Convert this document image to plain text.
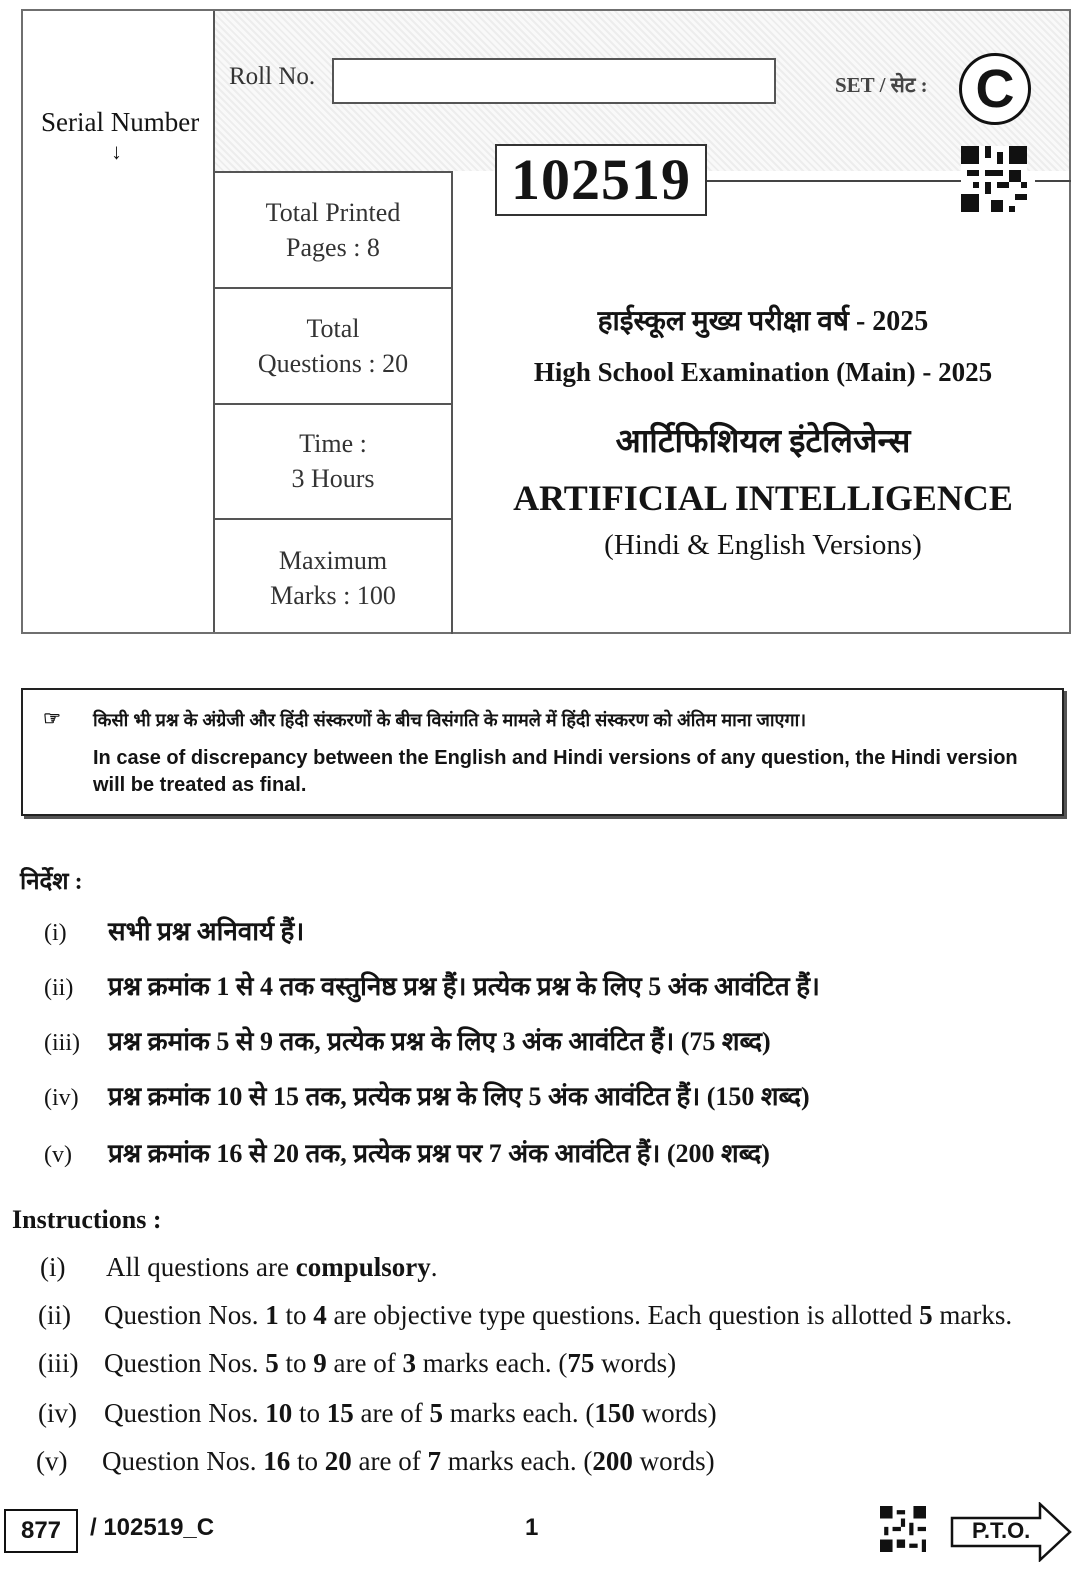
Serial Number
↓
Roll No.	SET / सेट : C
102519
Total Printed
Pages : 8
Total
Questions : 20
Time :
3 Hours
Maximum
Marks : 100
हाईस्कूल मुख्य परीक्षा वर्ष - 2025
High School Examination (Main) - 2025
आर्टिफिशियल इंटेलिजेन्स
ARTIFICIAL INTELLIGENCE
(Hindi & English Versions)
☞ किसी भी प्रश्न के अंग्रेजी और हिंदी संस्करणों के बीच विसंगति के मामले में हिंदी संस्करण को अंतिम माना जाएगा।
In case of discrepancy between the English and Hindi versions of any question, the Hindi version will be treated as final.
निर्देश :
(i) सभी प्रश्न अनिवार्य हैं।
(ii) प्रश्न क्रमांक 1 से 4 तक वस्तुनिष्ठ प्रश्न हैं। प्रत्येक प्रश्न के लिए 5 अंक आवंटित हैं।
(iii) प्रश्न क्रमांक 5 से 9 तक, प्रत्येक प्रश्न के लिए 3 अंक आवंटित हैं। (75 शब्द)
(iv) प्रश्न क्रमांक 10 से 15 तक, प्रत्येक प्रश्न के लिए 5 अंक आवंटित हैं। (150 शब्द)
(v) प्रश्न क्रमांक 16 से 20 तक, प्रत्येक प्रश्न पर 7 अंक आवंटित हैं। (200 शब्द)
Instructions :
(i) All questions are compulsory.
(ii) Question Nos. 1 to 4 are objective type questions. Each question is allotted 5 marks.
(iii) Question Nos. 5 to 9 are of 3 marks each. (75 words)
(iv) Question Nos. 10 to 15 are of 5 marks each. (150 words)
(v) Question Nos. 16 to 20 are of 7 marks each. (200 words)
877	/ 102519_C	1	P.T.O.
